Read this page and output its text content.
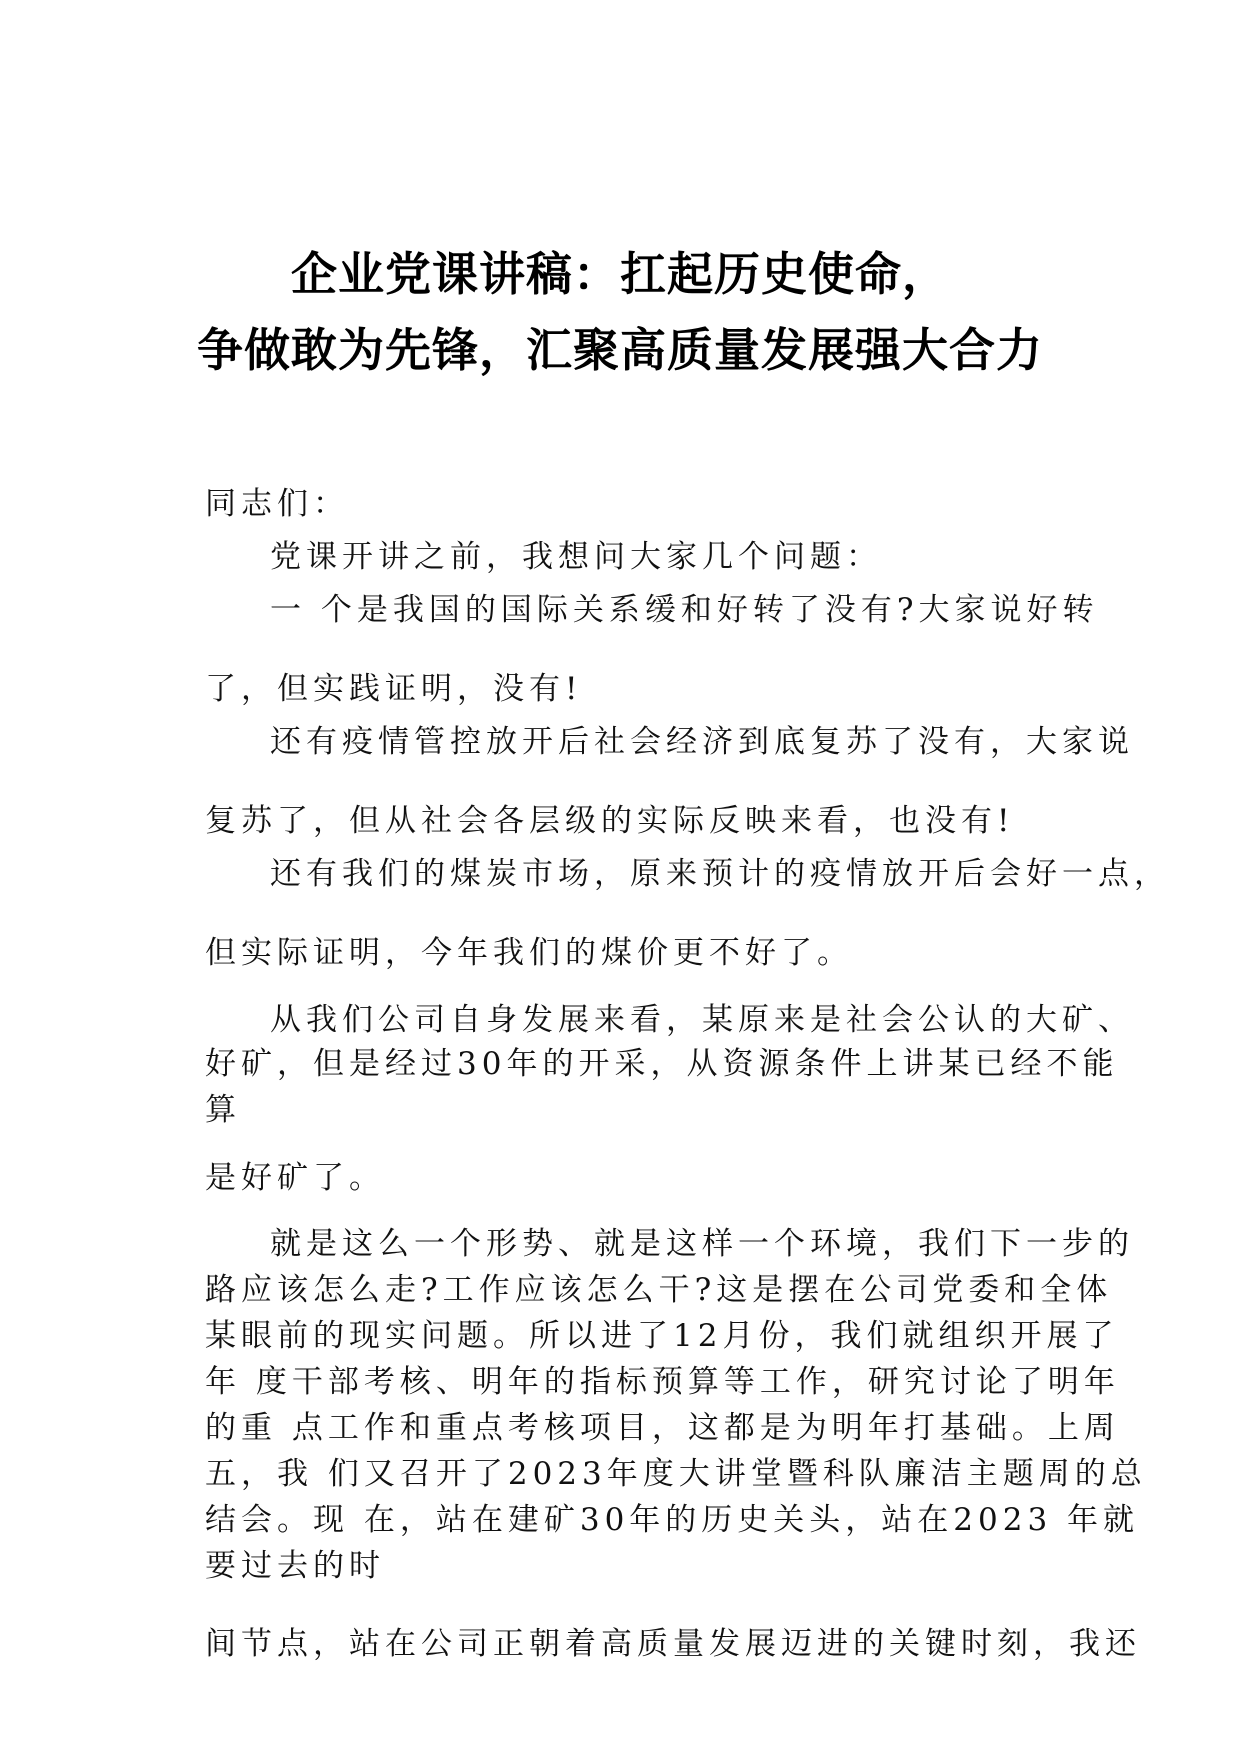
企业党课讲稿：扛起历史使命，
争做敢为先锋，汇聚高质量发展强大合力
同志们：
党课开讲之前，我想问大家几个问题：
一 个是我国的国际关系缓和好转了没有?大家说好转
了，但实践证明，没有!
还有疫情管控放开后社会经济到底复苏了没有，大家说
复苏了，但从社会各层级的实际反映来看，也没有!
还有我们的煤炭市场，原来预计的疫情放开后会好一点，
但实际证明，今年我们的煤价更不好了。
从我们公司自身发展来看，某原来是社会公认的大矿、
好矿，但是经过30年的开采，从资源条件上讲某已经不能
算
是好矿了。
就是这么一个形势、就是这样一个环境，我们下一步的
路应该怎么走?工作应该怎么干?这是摆在公司党委和全体
某眼前的现实问题。所以进了12月份，我们就组织开展了
年 度干部考核、明年的指标预算等工作，研究讨论了明年
的重 点工作和重点考核项目，这都是为明年打基础。上周
五，我 们又召开了2023年度大讲堂暨科队廉洁主题周的总
结会。现 在，站在建矿30年的历史关头，站在2023 年就
要过去的时
间节点，站在公司正朝着高质量发展迈进的关键时刻，我还
